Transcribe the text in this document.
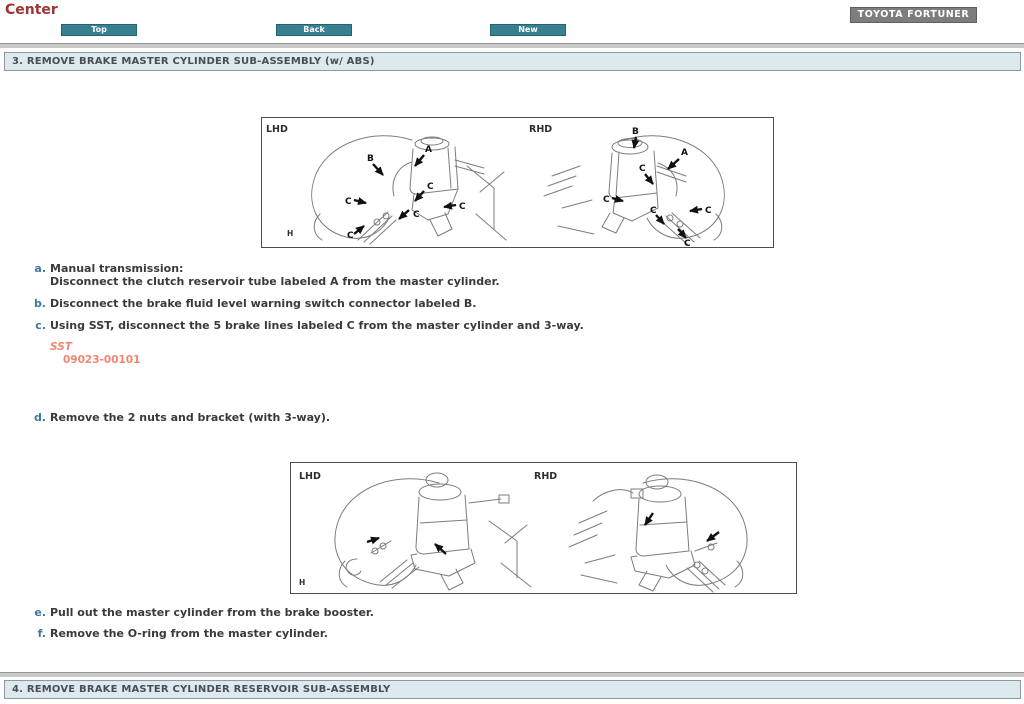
Center
Top	Back	New
TOYOTA FORTUNER
3. REMOVE BRAKE MASTER CYLINDER SUB-ASSEMBLY (w/ ABS)
A
B
C
C	C
C
C
B
A
C
C
C	C
C
LHD	RHD
H
a. Manual transmission:
Disconnect the clutch reservoir tube labeled A from the master cylinder.
b. Disconnect the brake fluid level warning switch connector labeled B.
c. Using SST, disconnect the 5 brake lines labeled C from the master cylinder and 3-way.
SST
09023-00101
d. Remove the 2 nuts and bracket (with 3-way).
LHD	RHD
H
e. Pull out the master cylinder from the brake booster.
f. Remove the O-ring from the master cylinder.
4. REMOVE BRAKE MASTER CYLINDER RESERVOIR SUB-ASSEMBLY
